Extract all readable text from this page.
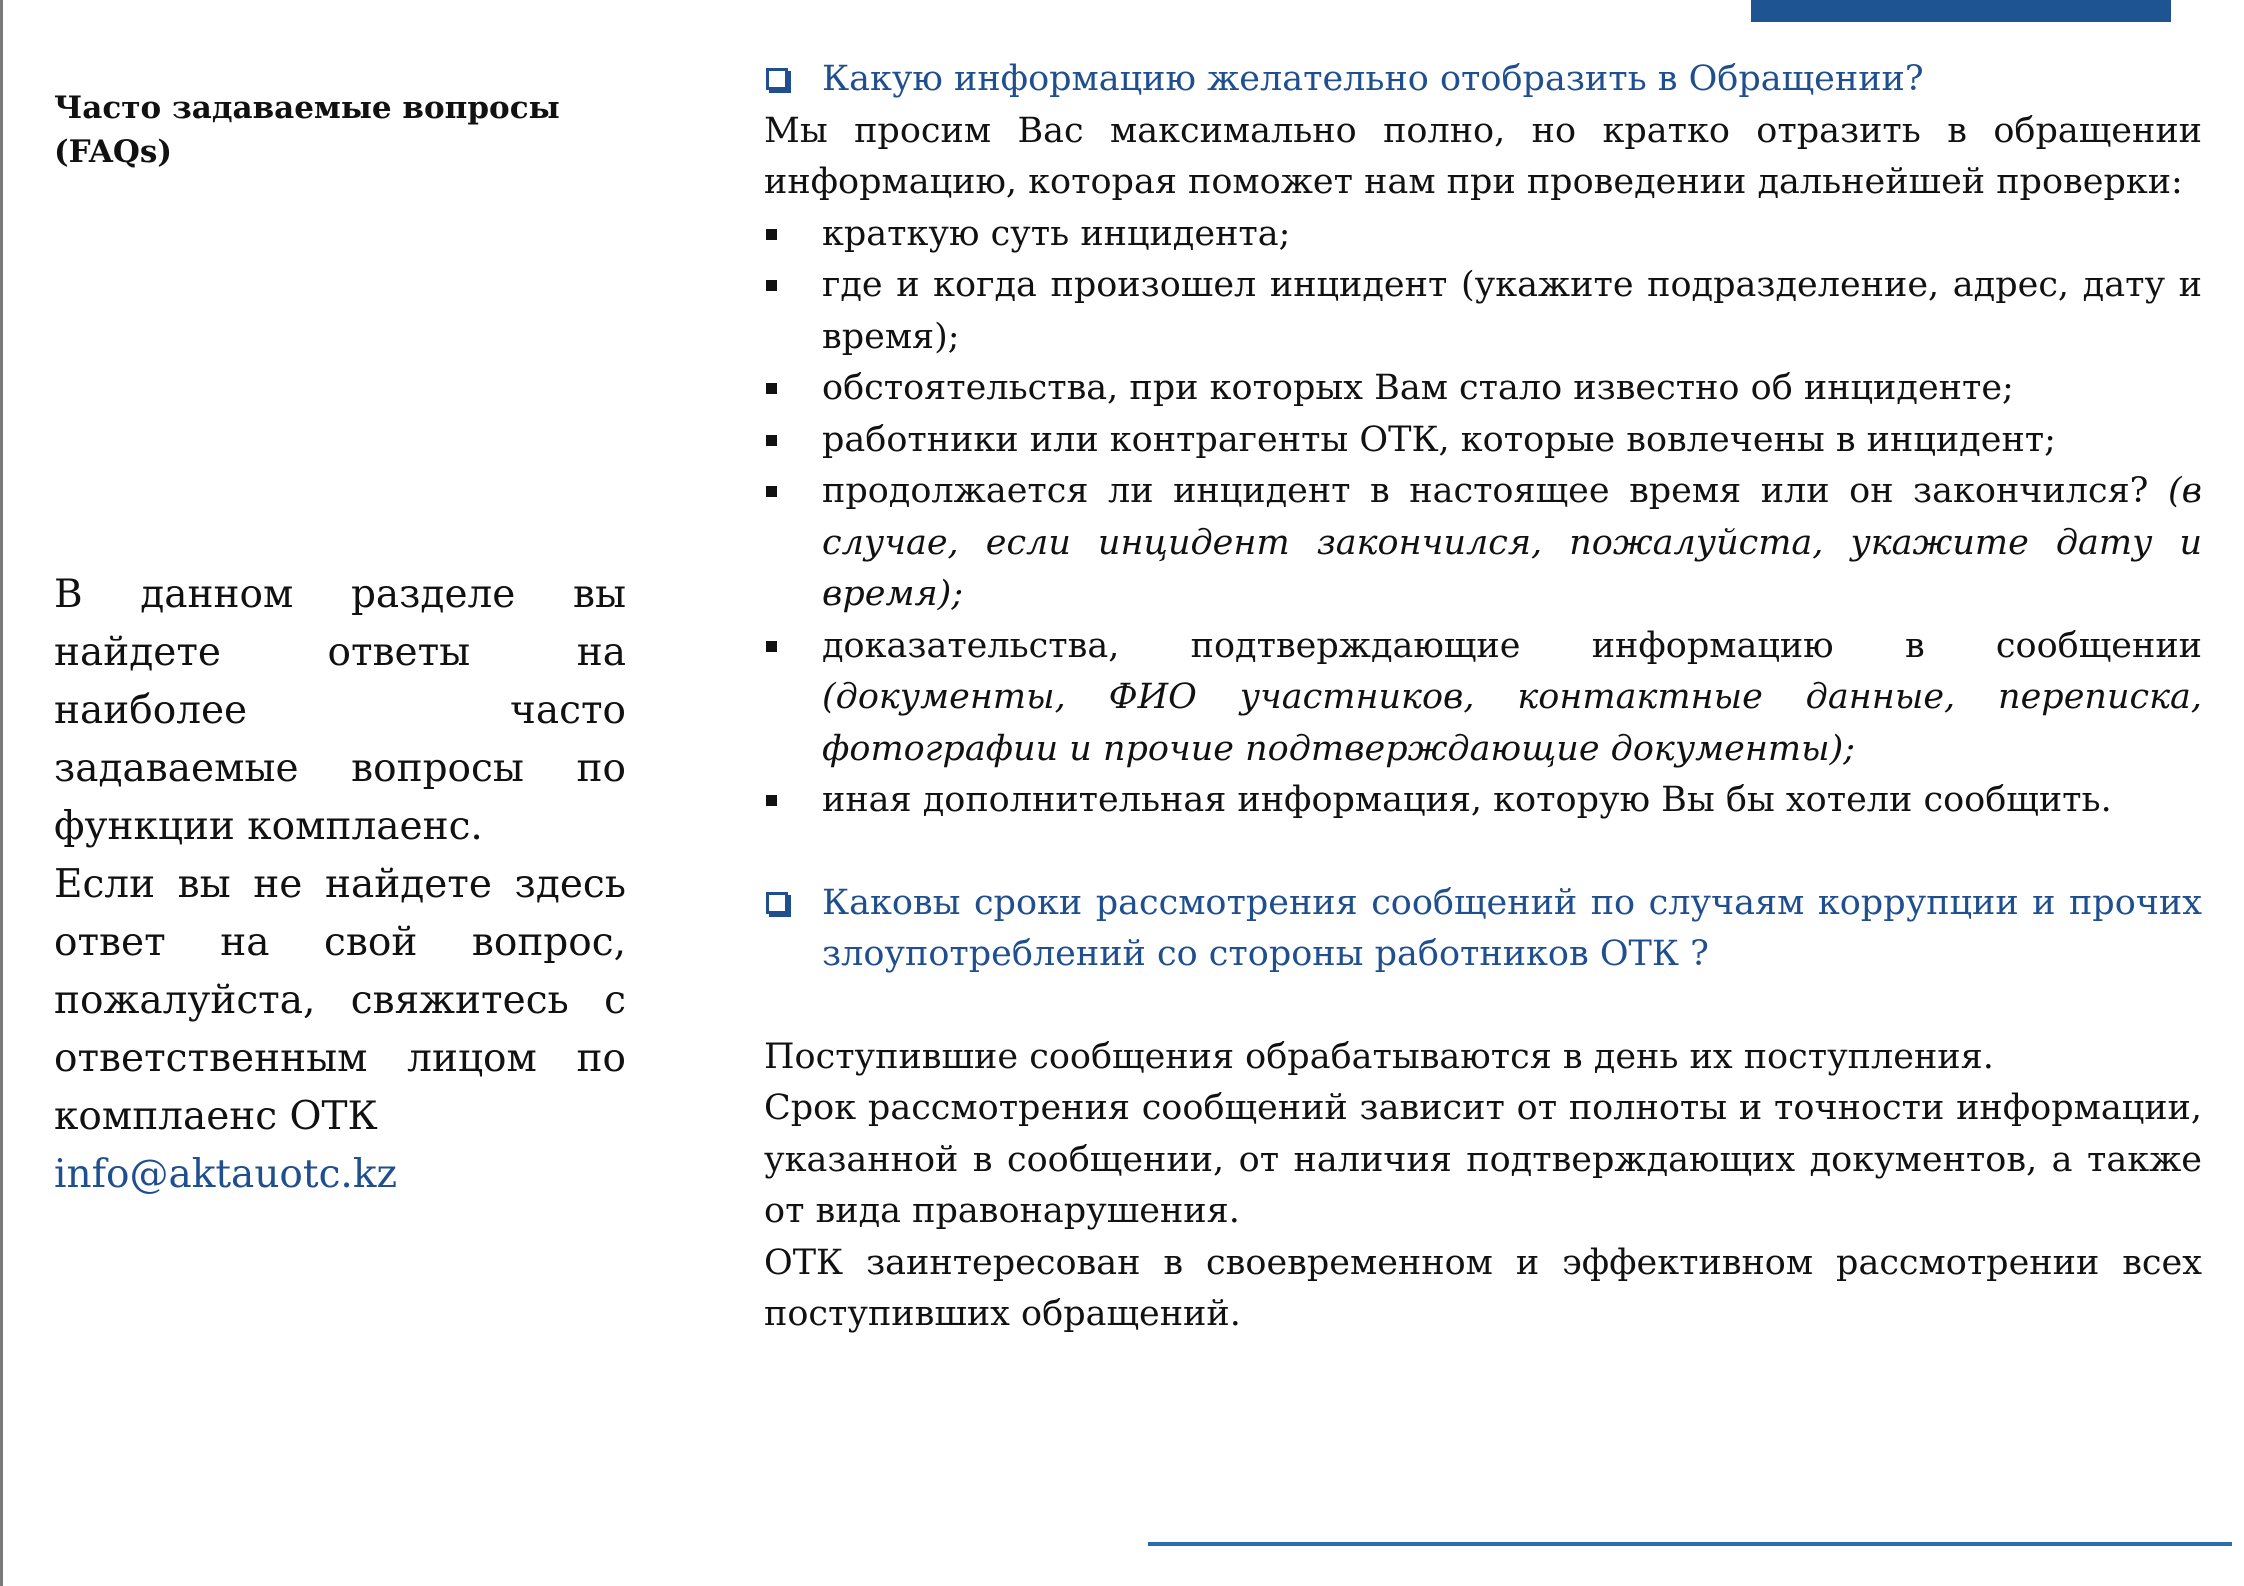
Часто задаваемые вопросы (FAQs)

В данном разделе вы найдете ответы на наиболее часто задаваемые вопросы по функции комплаенс.

Если вы не найдете здесь ответ на свой вопрос, пожалуйста, свяжитесь с ответственным лицом по комплаенс ОТК
info@aktauotc.kz

Какую информацию желательно отобразить в Обращении?

Мы просим Вас максимально полно, но кратко отразить в обращении информацию, которая поможет нам при проведении дальнейшей проверки:

краткую суть инцидента;
где и когда произошел инцидент (укажите подразделение, адрес, дату и время);
обстоятельства, при которых Вам стало известно об инциденте;
работники или контрагенты ОТК, которые вовлечены в инцидент;
продолжается ли инцидент в настоящее время или он закончился? (в случае, если инцидент закончился, пожалуйста, укажите дату и время);
доказательства, подтверждающие информацию в сообщении (документы, ФИО участников, контактные данные, переписка, фотографии и прочие подтверждающие документы);
иная дополнительная информация, которую Вы бы хотели сообщить.
Каковы сроки рассмотрения сообщений по случаям коррупции и прочих злоупотреблений со стороны работников ОТК ?

Поступившие сообщения обрабатываются в день их поступления.

Срок рассмотрения сообщений зависит от полноты и точности информации, указанной в сообщении, от наличия подтверждающих документов, а также от вида правонарушения.

ОТК заинтересован в своевременном и эффективном рассмотрении всех поступивших обращений.
